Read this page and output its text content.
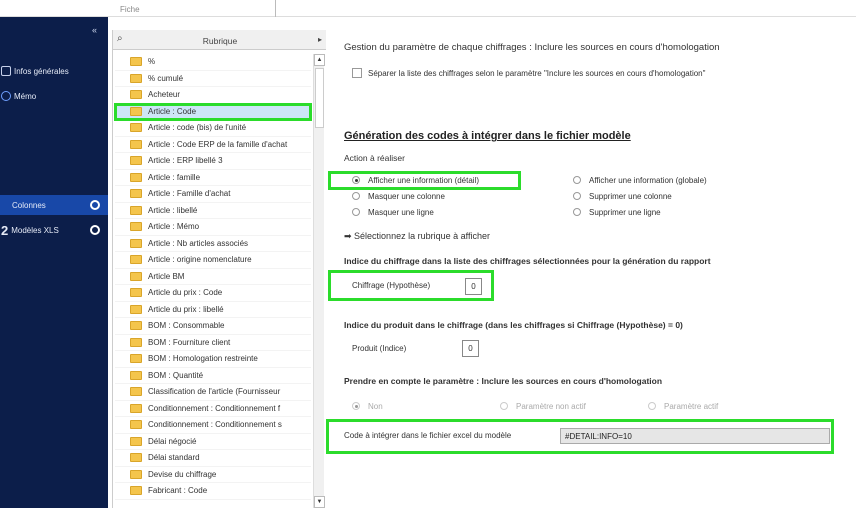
Fiche
«
Infos générales
Mémo
Colonnes
2 Modèles XLS
⌕	Rubrique	▸
%
% cumulé
Acheteur
Article : Code
Article : code (bis) de l'unité
Article : Code ERP de la famille d'achat
Article : ERP libellé 3
Article : famille
Article : Famille d'achat
Article : libellé
Article : Mémo
Article : Nb articles associés
Article : origine nomenclature
Article BM
Article du prix : Code
Article du prix : libellé
BOM : Consommable
BOM : Fourniture client
BOM : Homologation restreinte
BOM : Quantité
Classification de l'article (Fournisseur
Conditionnement : Conditionnement f
Conditionnement : Conditionnement s
Délai négocié
Délai standard
Devise du chiffrage
Fabricant : Code
▲
▼
Gestion du paramètre de chaque chiffrages : Inclure les sources en cours d'homologation
Séparer la liste des chiffrages selon le paramètre "Inclure les sources en cours d'homologation"
Génération des codes à intégrer dans le fichier modèle
Action à réaliser
Afficher une information (détail)	Afficher une information (globale)
Masquer une colonne	Supprimer une colonne
Masquer une ligne	Supprimer une ligne
➡ Sélectionnez la rubrique à afficher
Indice du chiffrage dans la liste des chiffrages sélectionnées pour la génération du rapport
Chiffrage (Hypothèse)	0
Indice du produit dans le chiffrage (dans les chiffrages si Chiffrage (Hypothèse) = 0)
Produit (Indice)	0
Prendre en compte le paramètre : Inclure les sources en cours d'homologation
Non	Paramètre non actif	Paramètre actif
Code à intégrer dans le fichier excel du modèle	#DETAIL:INFO=10
